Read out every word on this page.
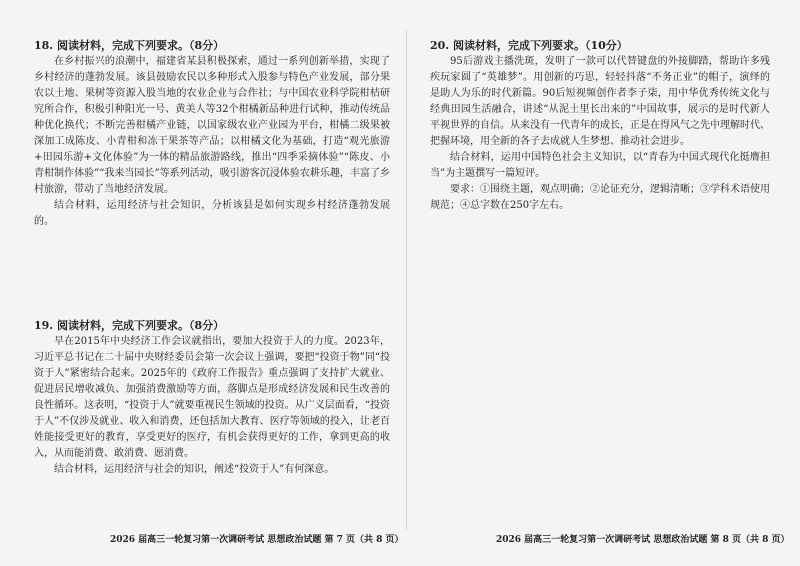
18. 阅读材料，完成下列要求。（8分）

在乡村振兴的浪潮中，福建省某县积极探索，通过一系列创新举措，实现了乡村经济的蓬勃发展。该县鼓励农民以多种形式入股参与特色产业发展，部分果农以土地、果树等资源入股当地的农业企业与合作社；与中国农业科学院柑桔研究所合作，积极引种阳光一号、黄美人等32个柑橘新品种进行试种，推动传统品种优化换代；不断完善柑橘产业链，以国家级农业产业园为平台，柑橘二级果被深加工成陈皮、小青柑和冻干果茶等产品；以柑橘文化为基础，打造“观光旅游+田园乐游+文化体验”为一体的精品旅游路线，推出“四季采摘体验”“陈皮、小青柑制作体验”“我来当园长”等系列活动，吸引游客沉浸体验农耕乐趣，丰富了乡村旅游，带动了当地经济发展。

结合材料，运用经济与社会知识，分析该县是如何实现乡村经济蓬勃发展的。

19. 阅读材料，完成下列要求。（8分）

早在2015年中央经济工作会议就指出，要加大投资于人的力度。2023年，习近平总书记在二十届中央财经委员会第一次会议上强调，要把“投资于物”同“投资于人”紧密结合起来。2025年的《政府工作报告》重点强调了支持扩大就业、促进居民增收减负、加强消费激励等方面，落脚点是形成经济发展和民生改善的良性循环。这表明，“投资于人”就要重视民生领域的投资。从广义层面看，“投资于人”不仅涉及就业、收入和消费，还包括加大教育、医疗等领域的投入，让老百姓能接受更好的教育，享受更好的医疗，有机会获得更好的工作，拿到更高的收入，从而能消费、敢消费、愿消费。

结合材料，运用经济与社会的知识，阐述“投资于人”有何深意。

20. 阅读材料，完成下列要求。（10分）

95后游戏主播洗斑，发明了一款可以代替键盘的外接脚踏，帮助许多残疾玩家圆了“英雄梦”。用创新的巧思，轻轻抖落“不务正业”的帽子，演绎的是助人为乐的时代新篇。90后短视频创作者李子柒，用中华优秀传统文化与经典田园生活融合，讲述“从泥土里长出来的”中国故事，展示的是时代新人平视世界的自信。从来没有一代青年的成长，正是在得风气之先中理解时代、把握环境，用全新的各子去成就人生梦想、推动社会进步。

结合材料，运用中国特色社会主义知识，以“青春为中国式现代化挺膺担当”为主题撰写一篇短评。

要求：①围绕主题，观点明确；②论证充分，逻辑清晰；③学科术语使用规范；④总字数在250字左右。

2026 届高三一轮复习第一次调研考试 思想政治试题 第 7 页（共 8 页）	2026 届高三一轮复习第一次调研考试 思想政治试题 第 8 页（共 8 页）
